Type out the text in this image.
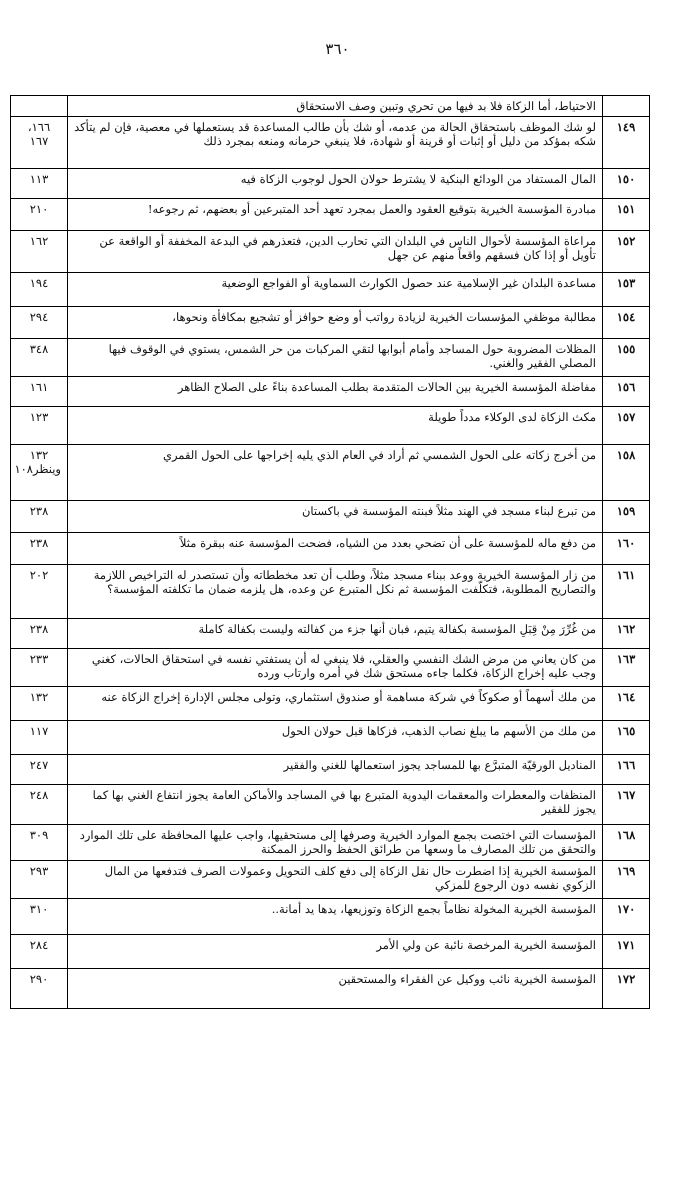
٣٦٠
	الاحتياط، أما الزكاة فلا بد فيها من تحري وتبين وصف الاستحقاق	
١٤٩	لو شك الموظف باستحقاق الحالة من عدمه، أو شك بأن طالب المساعدة قد يستعملها في معصية، فإن لم يتأكد شكه بمؤكد من دليل أو إثبات أو قرينة أو شهادة، فلا ينبغي حرمانه ومنعه بمجرد ذلك	١٦٦، ١٦٧
١٥٠	المال المستفاد من الودائع البنكية لا يشترط حولان الحول لوجوب الزكاة فيه	١١٣
١٥١	مبادرة المؤسسة الخيرية بتوقيع العقود والعمل بمجرد تعهد أحد المتبرعين أو بعضهم، ثم رجوعه!	٢١٠
١٥٢	مراعاة المؤسسة لأحوال الناس في البلدان التي تحارب الدين، فتعذرهم في البدعة المخففة أو الواقعة عن تأويل أو إذا كان فسقهم واقعاً منهم عن جهل	١٦٢
١٥٣	مساعدة البلدان غير الإسلامية عند حصول الكوارث السماوية أو الفواجع الوضعية	١٩٤
١٥٤	مطالبة موظفي المؤسسات الخيرية لزيادة رواتب أو وضع حوافز أو تشجيع بمكافأة ونحوها،	٢٩٤
١٥٥	المظلات المضروبة حول المساجد وأمام أبوابها لتقي المركبات من حر الشمس، يستوي في الوقوف فيها المصلي الفقير والغني.	٣٤٨
١٥٦	مفاضلة المؤسسة الخيرية بين الحالات المتقدمة بطلب المساعدة بناءً على الصلاح الظاهر	١٦١
١٥٧	مكث الزكاة لدى الوكلاء مدداً طويلة	١٢٣
١٥٨	من أخرج زكاته على الحول الشمسي ثم أراد في العام الذي يليه إخراجها على الحول القمري	١٣٢ وينظر١٠٨
١٥٩	من تبرع لبناء مسجد في الهند مثلاً فبنته المؤسسة في باكستان	٢٣٨
١٦٠	من دفع ماله للمؤسسة على أن تضحي بعدد من الشياه، فضحت المؤسسة عنه ببقرة مثلاً	٢٣٨
١٦١	من زار المؤسسة الخيرية ووعد ببناء مسجد مثلاً، وطلب أن تعد مخططاته وأن تستصدر له التراخيص اللازمة والتصاريح المطلوبة، فتكلّفت المؤسسة ثم نكل المتبرع عن وعده، هل يلزمه ضمان ما تكلفته المؤسسة؟	٢٠٢
١٦٢	من غُرِّرَ مِنْ قِبَلِ المؤسسة بكفالة يتيم، فبان أنها جزء من كفالته وليست بكفالة كاملة	٢٣٨
١٦٣	من كان يعاني من مرض الشك النفسي والعقلي، فلا ينبغي له أن يستفتي نفسه في استحقاق الحالات، كغني وجب عليه إخراج الزكاة، فكلما جاءه مستحق شك في أمره وارتاب ورده	٢٣٣
١٦٤	من ملك أسهماً أو صكوكاً في شركة مساهمة أو صندوق استثماري، وتولى مجلس الإدارة إخراج الزكاة عنه	١٣٢
١٦٥	من ملك من الأسهم ما يبلغ نصاب الذهب، فزكاها قبل حولان الحول	١١٧
١٦٦	المناديل الورقيّة المتبرَّع بها للمساجد يجوز استعمالها للغني والفقير	٢٤٧
١٦٧	المنظفات والمعطرات والمعقمات اليدوية المتبرع بها في المساجد والأماكن العامة يجوز انتفاع الغني بها كما يجوز للفقير	٢٤٨
١٦٨	المؤسسات التي اختصت بجمع الموارد الخيرية وصرفها إلى مستحقيها، واجب عليها المحافظة على تلك الموارد والتحقق من تلك المصارف ما وسعها من طرائق الحفظ والحرز الممكنة	٣٠٩
١٦٩	المؤسسة الخيرية إذا اضطرت حال نقل الزكاة إلى دفع كلف التحويل وعمولات الصرف فتدفعها من المال الزكوي نفسه دون الرجوع للمزكي	٢٩٣
١٧٠	المؤسسة الخيرية المخولة نظاماً بجمع الزكاة وتوزيعها، يدها يد أمانة..	٣١٠
١٧١	المؤسسة الخيرية المرخصة نائبة عن ولي الأمر	٢٨٤
١٧٢	المؤسسة الخيرية نائب ووكيل عن الفقراء والمستحقين	٢٩٠
